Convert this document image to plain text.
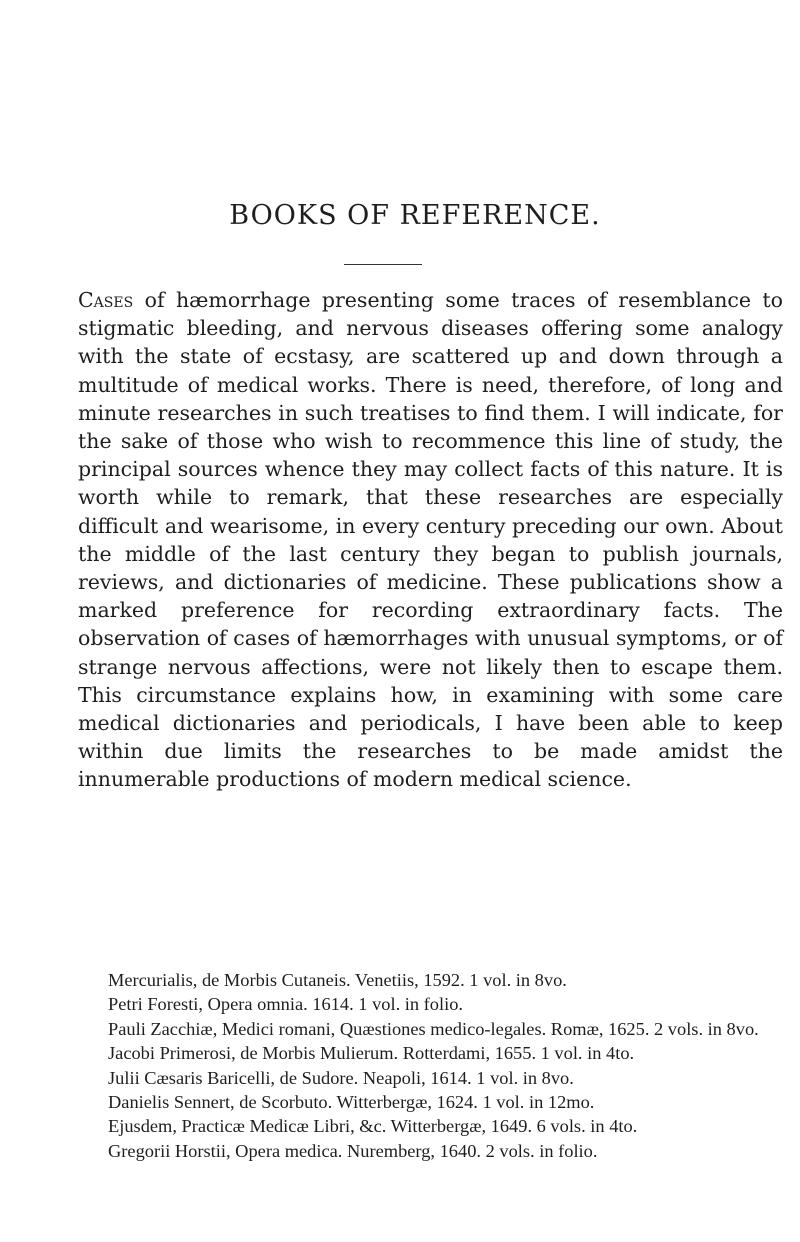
BOOKS OF REFERENCE.

Cases of hæmorrhage presenting some traces of resemblance to stigmatic bleeding, and nervous diseases offering some analogy with the state of ecstasy, are scattered up and down through a multitude of medical works. There is need, therefore, of long and minute researches in such treatises to find them. I will indicate, for the sake of those who wish to recommence this line of study, the principal sources whence they may collect facts of this nature. It is worth while to remark, that these researches are especially difficult and wearisome, in every century preceding our own. About the middle of the last century they began to publish journals, reviews, and dictionaries of medicine. These publications show a marked preference for recording extraordinary facts. The observation of cases of hæmorrhages with unusual symptoms, or of strange nervous affections, were not likely then to escape them. This circumstance explains how, in examining with some care medical dictionaries and periodicals, I have been able to keep within due limits the researches to be made amidst the innumerable productions of modern medical science.

Mercurialis, de Morbis Cutaneis. Venetiis, 1592. 1 vol. in 8vo.

Petri Foresti, Opera omnia. 1614. 1 vol. in folio.

Pauli Zacchiæ, Medici romani, Quæstiones medico-legales. Romæ, 1625. 2 vols. in 8vo.

Jacobi Primerosi, de Morbis Mulierum. Rotterdami, 1655. 1 vol. in 4to.

Julii Cæsaris Baricelli, de Sudore. Neapoli, 1614. 1 vol. in 8vo.

Danielis Sennert, de Scorbuto. Witterbergæ, 1624. 1 vol. in 12mo.

Ejusdem, Practicæ Medicæ Libri, &c. Witterbergæ, 1649. 6 vols. in 4to.

Gregorii Horstii, Opera medica. Nuremberg, 1640. 2 vols. in folio.
